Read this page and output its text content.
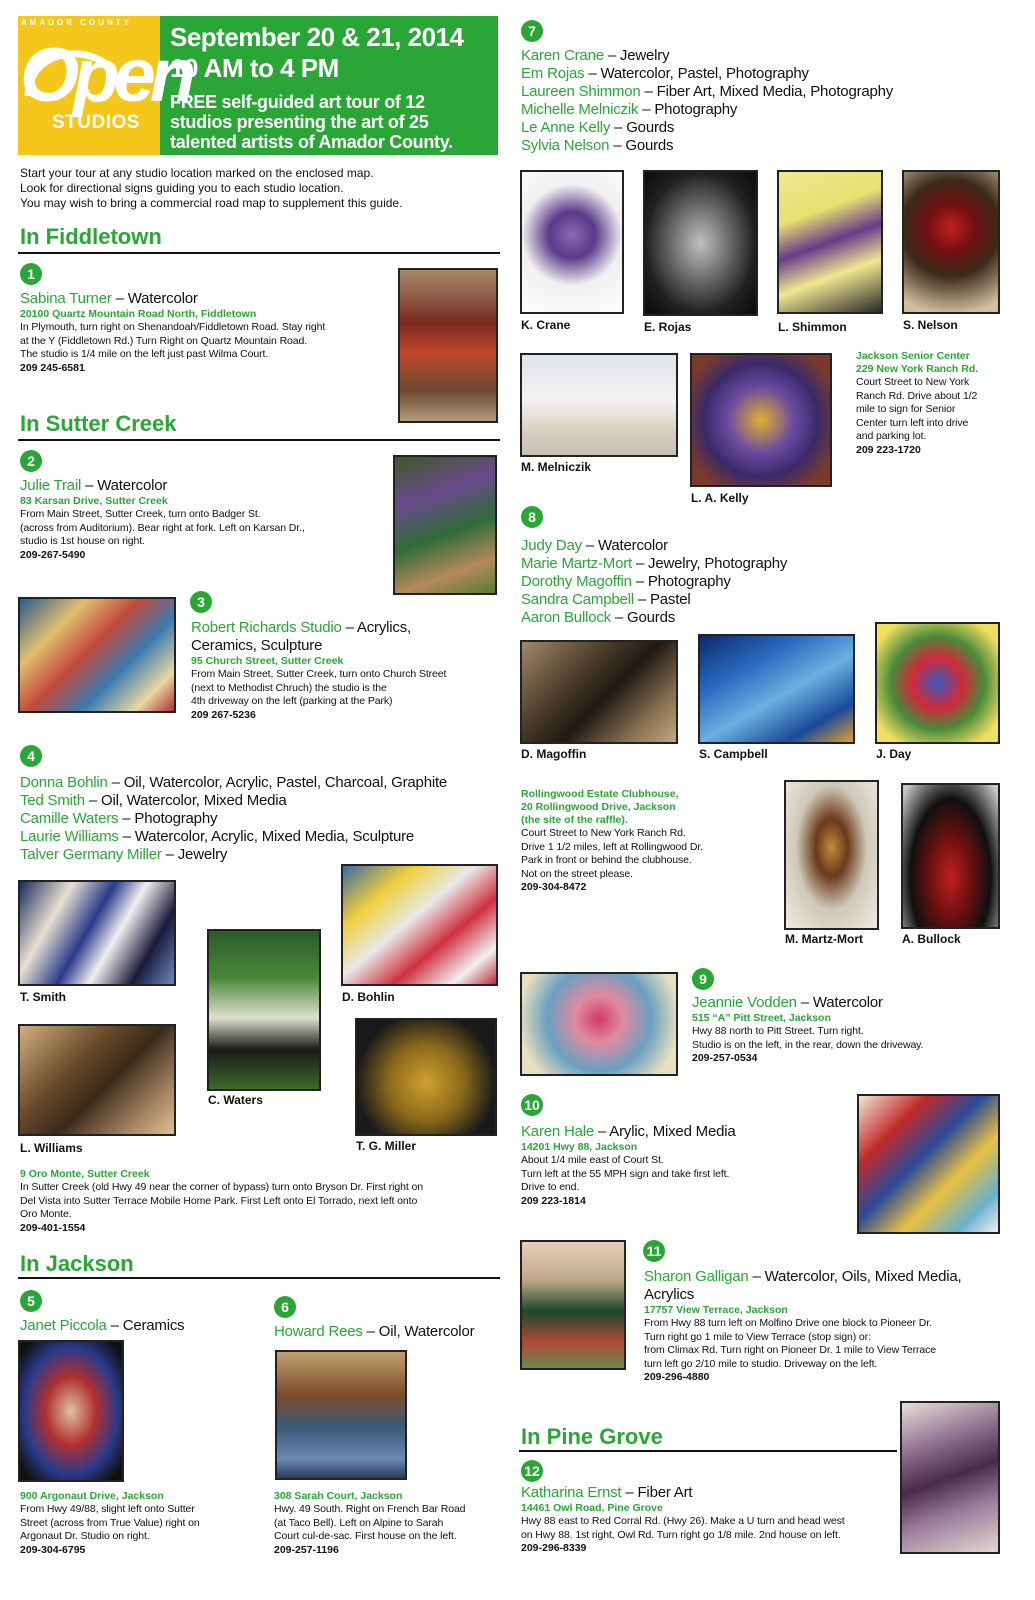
AMADOR COUNTY
Open
STUDIOS
September 20 & 21, 2014
10 AM to 4 PM
FREE self-guided art tour of 12
studios presenting the art of 25
talented artists of Amador County.
Start your tour at any studio location marked on the enclosed map.
Look for directional signs guiding you to each studio location.
You may wish to bring a commercial road map to supplement this guide.
In Fiddletown
1
Sabina Turner – Watercolor
20100 Quartz Mountain Road North, Fiddletown
In Plymouth, turn right on Shenandoah/Fiddletown Road. Stay right
at the Y (Fiddletown Rd.) Turn Right on Quartz Mountain Road.
The studio is 1/4 mile on the left just past Wilma Court.
209 245-6581
In Sutter Creek
2
Julie Trail – Watercolor
83 Karsan Drive, Sutter Creek
From Main Street, Sutter Creek, turn onto Badger St.
(across from Auditorium). Bear right at fork. Left on Karsan Dr.,
studio is 1st house on right.
209-267-5490
3
Robert Richards Studio – Acrylics,
Ceramics, Sculpture
95 Church Street, Sutter Creek
From Main Street, Sutter Creek, turn onto Church Street
(next to Methodist Chruch) the studio is the
4th driveway on the left (parking at the Park)
209 267-5236
4
Donna Bohlin – Oil, Watercolor, Acrylic, Pastel, Charcoal, Graphite
Ted Smith – Oil, Watercolor, Mixed Media
Camille Waters – Photography
Laurie Williams – Watercolor, Acrylic, Mixed Media, Sculpture
Talver Germany Miller – Jewelry
T. Smith
C. Waters
D. Bohlin
L. Williams	T. G. Miller
9 Oro Monte, Sutter Creek
In Sutter Creek (old Hwy 49 near the corner of bypass) turn onto Bryson Dr. First right on
Del Vista into Sutter Terrace Mobile Home Park. First Left onto El Torrado, next left onto
Oro Monte.
209-401-1554
In Jackson
5
Janet Piccola – Ceramics
900 Argonaut Drive, Jackson
From Hwy 49/88, slight left onto Sutter
Street (across from True Value) right on
Argonaut Dr. Studio on right.
209-304-6795
6
Howard Rees – Oil, Watercolor
308 Sarah Court, Jackson
Hwy. 49 South. Right on French Bar Road
(at Taco Bell). Left on Alpine to Sarah
Court cul-de-sac. First house on the left.
209-257-1196
7
Karen Crane – Jewelry
Em Rojas – Watercolor, Pastel, Photography
Laureen Shimmon – Fiber Art, Mixed Media, Photography
Michelle Melniczik – Photography
Le Anne Kelly – Gourds
Sylvia Nelson – Gourds
K. Crane	E. Rojas	L. Shimmon	S. Nelson
M. Melniczik
L. A. Kelly
Jackson Senior Center
229 New York Ranch Rd.
Court Street to New York
Ranch Rd. Drive about 1/2
mile to sign for Senior
Center turn left into drive
and parking lot.
209 223-1720
8
Judy Day – Watercolor
Marie Martz-Mort – Jewelry, Photography
Dorothy Magoffin – Photography
Sandra Campbell – Pastel
Aaron Bullock – Gourds
D. Magoffin	S. Campbell	J. Day
Rollingwood Estate Clubhouse,
20 Rollingwood Drive, Jackson
(the site of the raffle).
Court Street to New York Ranch Rd.
Drive 1 1/2 miles, left at Rollingwood Dr.
Park in front or behind the clubhouse.
Not on the street please.
209-304-8472
M. Martz-Mort	A. Bullock
9
Jeannie Vodden – Watercolor
515 “A” Pitt Street, Jackson
Hwy 88 north to Pitt Street. Turn right.
Studio is on the left, in the rear, down the driveway.
209-257-0534
10
Karen Hale – Arylic, Mixed Media
14201 Hwy 88, Jackson
About 1/4 mile east of Court St.
Turn left at the 55 MPH sign and take first left.
Drive to end.
209 223-1814
11
Sharon Galligan – Watercolor, Oils, Mixed Media,
Acrylics
17757 View Terrace, Jackson
From Hwy 88 turn left on Molfino Drive one block to Pioneer Dr.
Turn right go 1 mile to View Terrace (stop sign) or:
from Climax Rd. Turn right on Pioneer Dr. 1 mile to View Terrace
turn left go 2/10 mile to studio. Driveway on the left.
209-296-4880
In Pine Grove
12
Katharina Ernst – Fiber Art
14461 Owl Road, Pine Grove
Hwy 88 east to Red Corral Rd. (Hwy 26). Make a U turn and head west
on Hwy 88. 1st right, Owl Rd. Turn right go 1/8 mile. 2nd house on left.
209-296-8339
